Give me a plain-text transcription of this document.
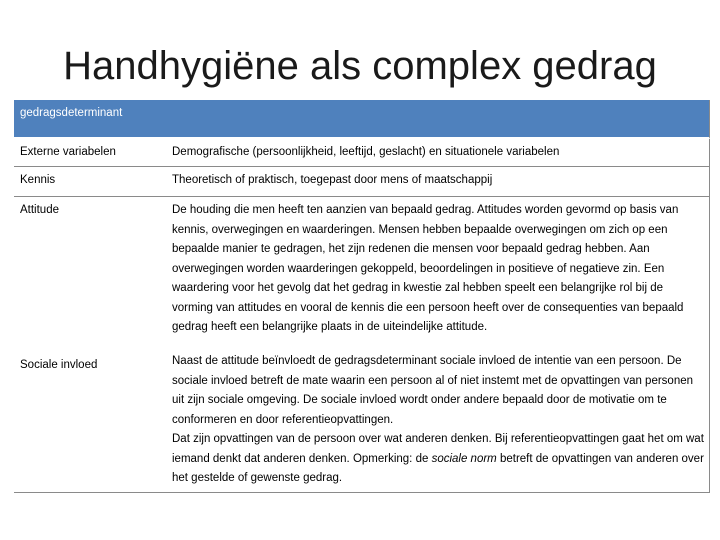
Handhygiëne als complex gedrag
gedragsdeterminant
Externe variabelen	Demografische (persoonlijkheid, leeftijd, geslacht) en situationele variabelen
Kennis	Theoretisch of praktisch, toegepast door mens of maatschappij
Attitude	De houding die men heeft ten aanzien van bepaald gedrag. Attitudes worden gevormd op basis van kennis, overwegingen en waarderingen. Mensen hebben bepaalde overwegingen om zich op een bepaalde manier te gedragen, het zijn redenen die mensen voor bepaald gedrag hebben. Aan overwegingen worden waarderingen gekoppeld, beoordelingen in positieve of negatieve zin. Een waardering voor het gevolg dat het gedrag in kwestie zal hebben speelt een belangrijke rol bij de vorming van attitudes en vooral de kennis die een persoon heeft over de consequenties van bepaald gedrag heeft een belangrijke plaats in de uiteindelijke attitude.
Sociale invloed	Naast de attitude beïnvloedt de gedragsdeterminant sociale invloed de intentie van een persoon. De sociale invloed betreft de mate waarin een persoon al of niet instemt met de opvattingen van personen uit zijn sociale omgeving. De sociale invloed wordt onder andere bepaald door de motivatie om te conformeren en door referentieopvattingen.

Dat zijn opvattingen van de persoon over wat anderen denken. Bij referentieopvattingen gaat het om wat iemand denkt dat anderen denken. Opmerking: de sociale norm betreft de opvattingen van anderen over het gestelde of gewenste gedrag.
